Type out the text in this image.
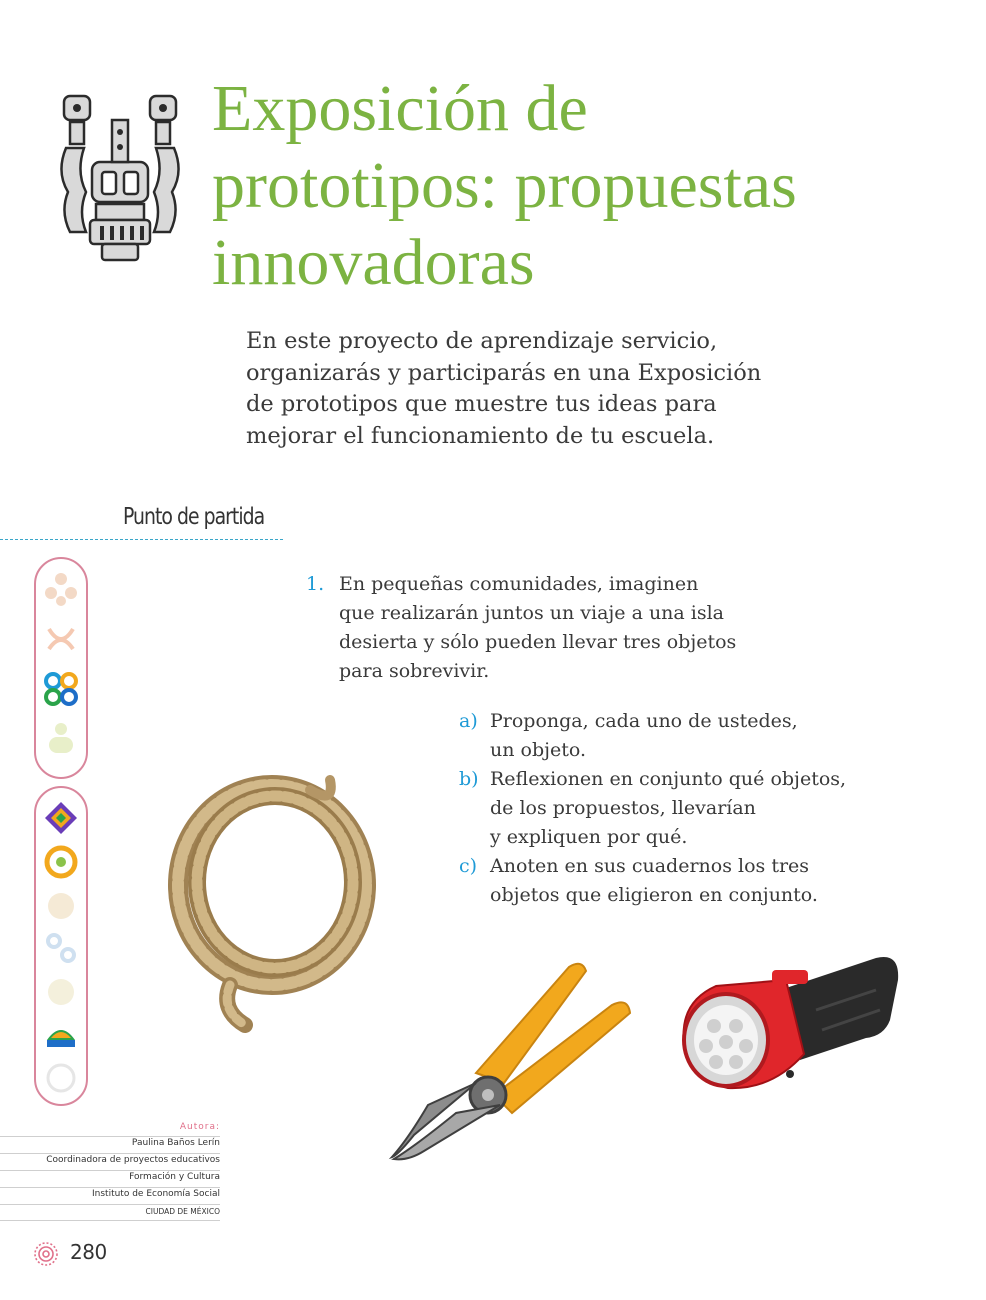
Exposición de
prototipos: propuestas
innovadoras
En este proyecto de aprendizaje servicio,
organizarás y participarás en una Exposición
de prototipos que muestre tus ideas para
mejorar el funcionamiento de tu escuela.
Punto de partida
1. En pequeñas comunidades, imaginen
que realizarán juntos un viaje a una isla
desierta y sólo pueden llevar tres objetos
para sobrevivir.
a) Proponga, cada uno de ustedes,
un objeto.
b) Reflexionen en conjunto qué objetos,
de los propuestos, llevarían
y expliquen por qué.
c) Anoten en sus cuadernos los tres
objetos que eligieron en conjunto.
Autora:
Paulina Baños Lerín
Coordinadora de proyectos educativos
Formación y Cultura
Instituto de Economía Social
CIUDAD DE MÉXICO
280
